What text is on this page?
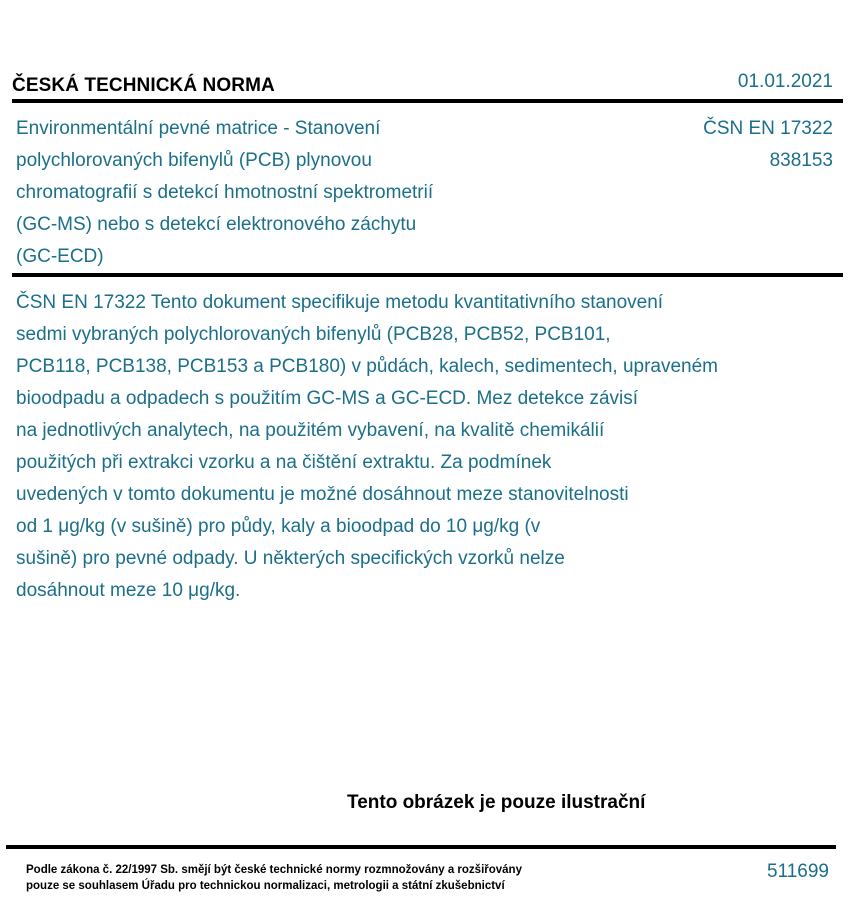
ČESKÁ TECHNICKÁ NORMA	01.01.2021
Environmentální pevné matrice - Stanovení
polychlorovaných bifenylů (PCB) plynovou
chromatografií s detekcí hmotnostní spektrometrií
(GC-MS) nebo s detekcí elektronového záchytu
(GC-ECD)
ČSN EN 17322
838153
ČSN EN 17322 Tento dokument specifikuje metodu kvantitativního stanovení
sedmi vybraných polychlorovaných bifenylů (PCB28, PCB52, PCB101,
PCB118, PCB138, PCB153 a PCB180) v půdách, kalech, sedimentech, upraveném
bioodpadu a odpadech s použitím GC-MS a GC-ECD. Mez detekce závisí
na jednotlivých analytech, na použitém vybavení, na kvalitě chemikálií
použitých při extrakci vzorku a na čištění extraktu. Za podmínek
uvedených v tomto dokumentu je možné dosáhnout meze stanovitelnosti
od 1 μg/kg (v sušině) pro půdy, kaly a bioodpad do 10 μg/kg (v
sušině) pro pevné odpady. U některých specifických vzorků nelze
dosáhnout meze 10 μg/kg.
Tento obrázek je pouze ilustrační
Podle zákona č. 22/1997 Sb. smějí být české technické normy rozmnožovány a rozšiřovány
pouze se souhlasem Úřadu pro technickou normalizaci, metrologii a státní zkušebnictví
511699
